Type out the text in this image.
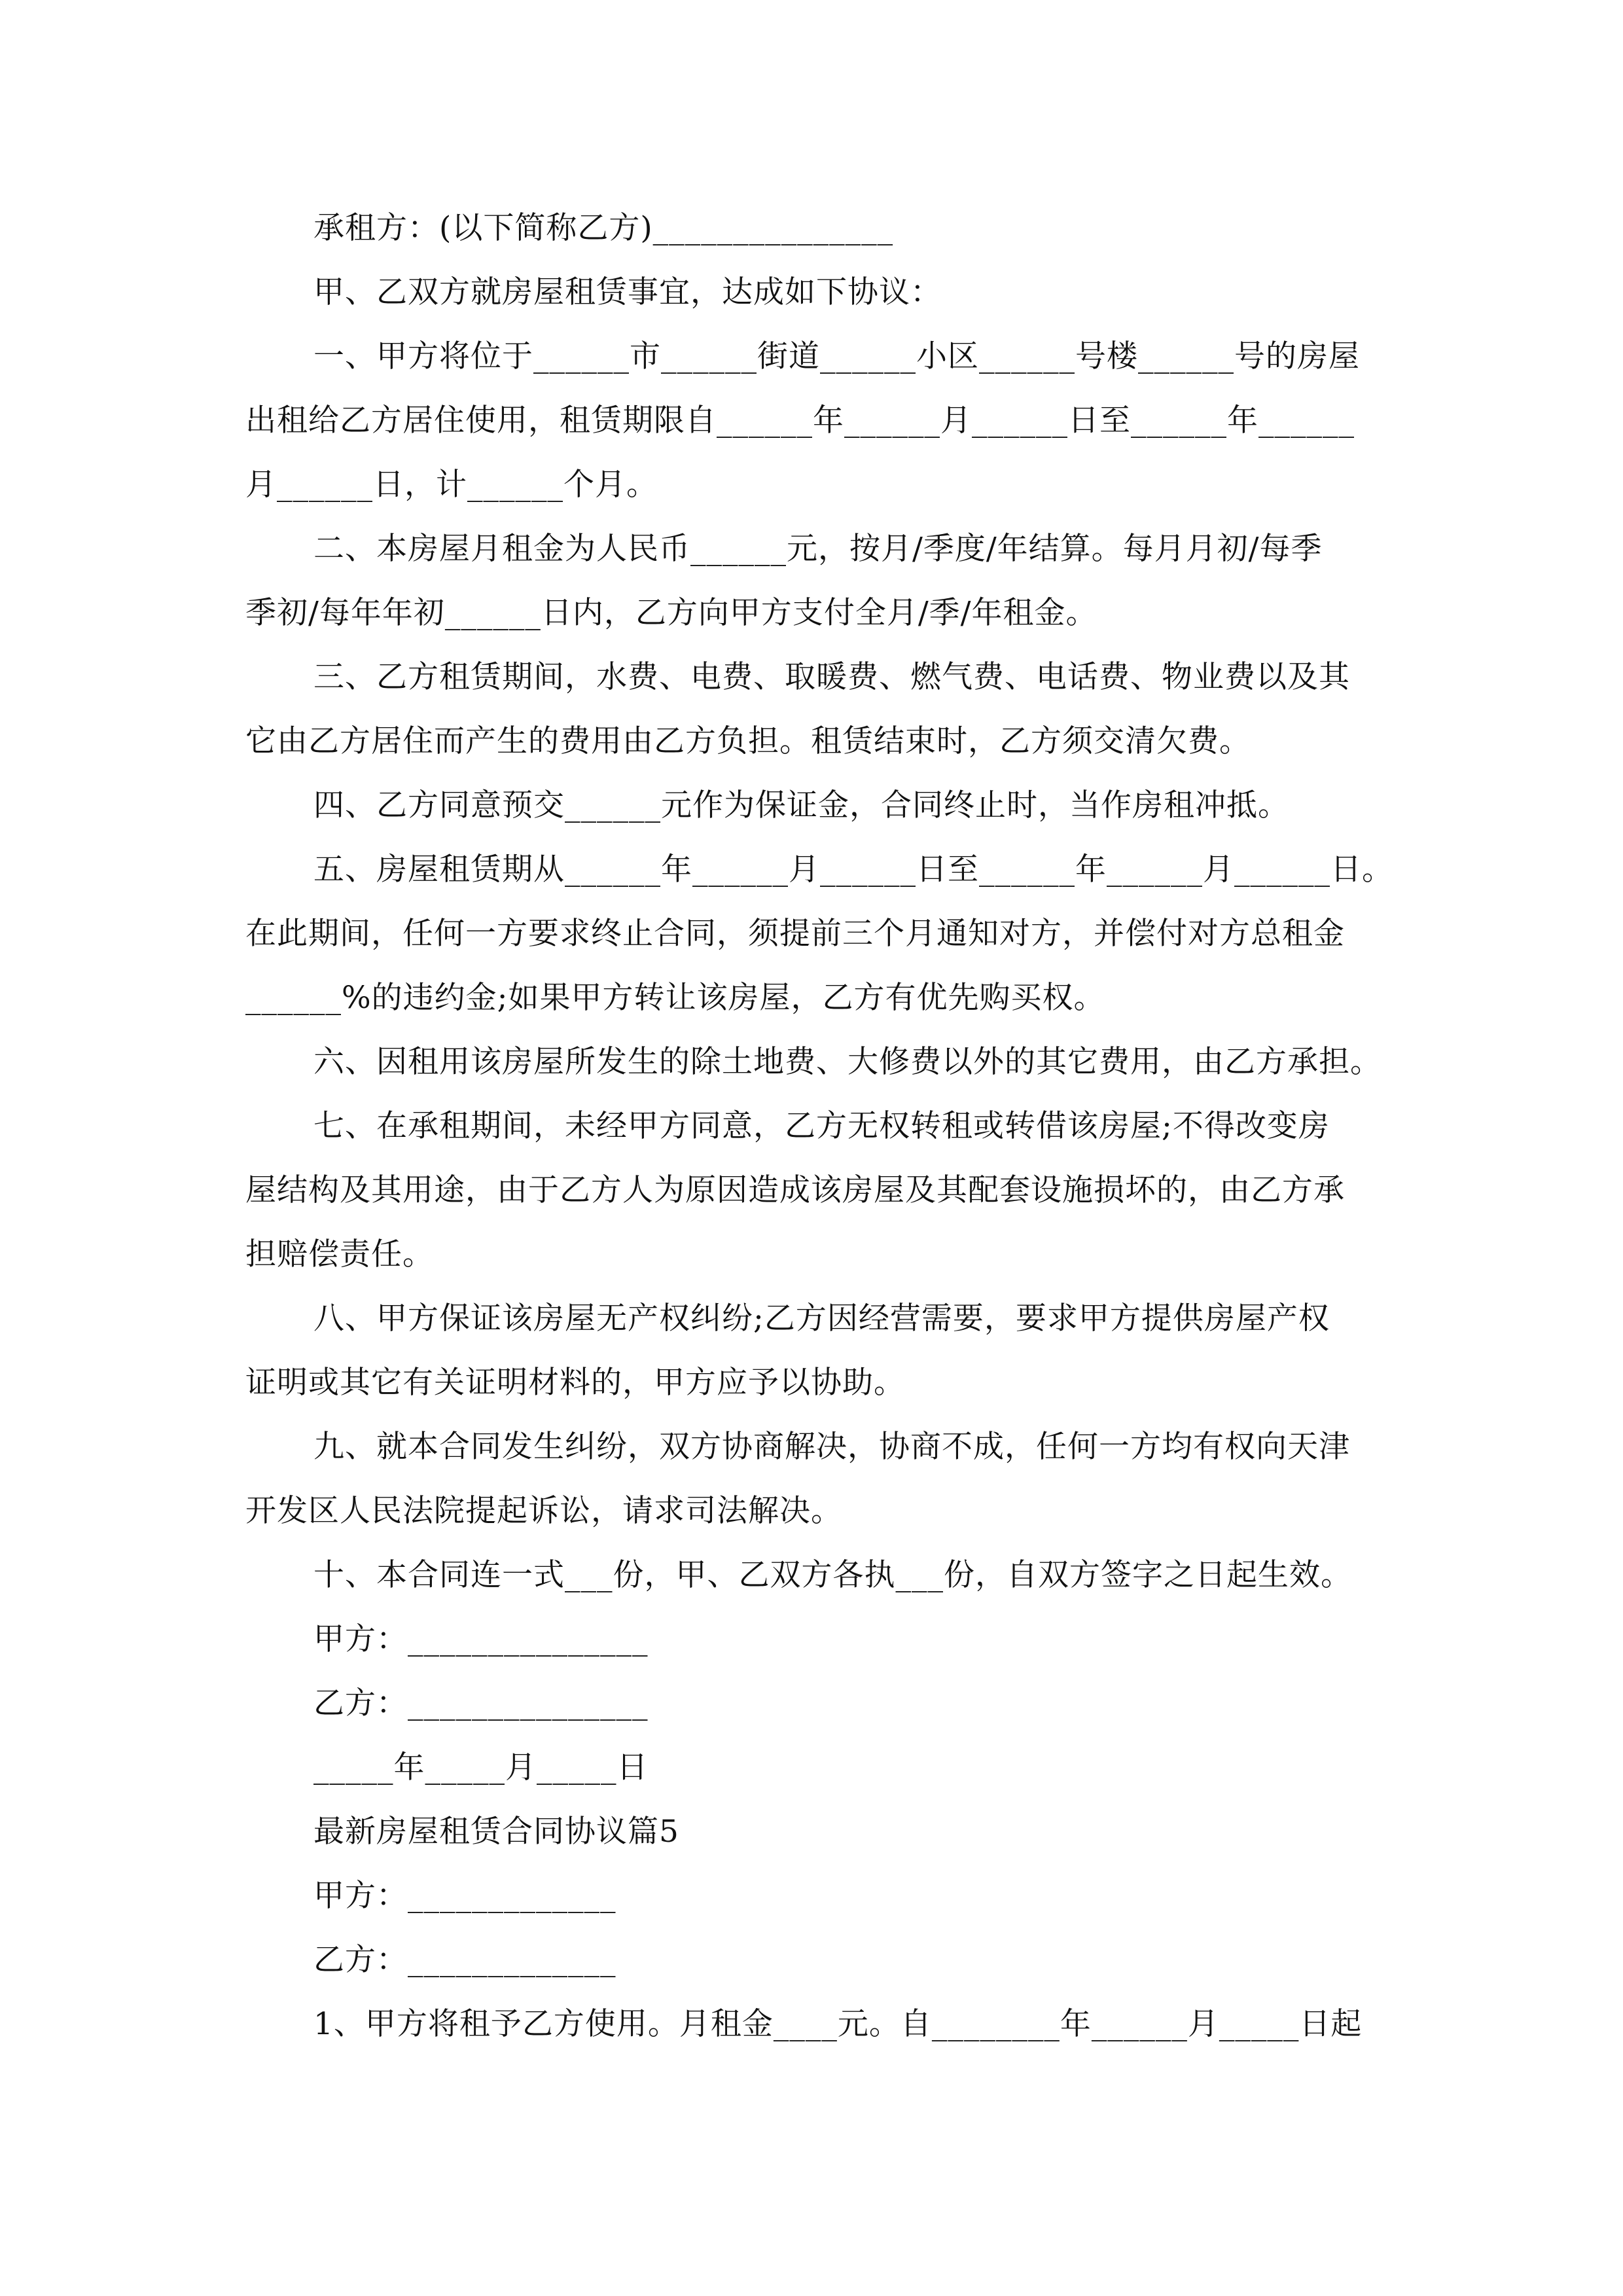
承租方：(以下简称乙方)_______________

甲、乙双方就房屋租赁事宜，达成如下协议：

一、甲方将位于______市______街道______小区______号楼______号的房屋

出租给乙方居住使用，租赁期限自______年______月______日至______年______

月______日，计______个月。

二、本房屋月租金为人民币______元，按月/季度/年结算。每月月初/每季

季初/每年年初______日内，乙方向甲方支付全月/季/年租金。

三、乙方租赁期间，水费、电费、取暖费、燃气费、电话费、物业费以及其

它由乙方居住而产生的费用由乙方负担。租赁结束时，乙方须交清欠费。

四、乙方同意预交______元作为保证金，合同终止时，当作房租冲抵。

五、房屋租赁期从______年______月______日至______年______月______日。

在此期间，任何一方要求终止合同，须提前三个月通知对方，并偿付对方总租金

______%的违约金;如果甲方转让该房屋，乙方有优先购买权。

六、因租用该房屋所发生的除土地费、大修费以外的其它费用，由乙方承担。

七、在承租期间，未经甲方同意，乙方无权转租或转借该房屋;不得改变房

屋结构及其用途，由于乙方人为原因造成该房屋及其配套设施损坏的，由乙方承

担赔偿责任。

八、甲方保证该房屋无产权纠纷;乙方因经营需要，要求甲方提供房屋产权

证明或其它有关证明材料的，甲方应予以协助。

九、就本合同发生纠纷，双方协商解决，协商不成，任何一方均有权向天津

开发区人民法院提起诉讼，请求司法解决。

十、本合同连一式___份，甲、乙双方各执___份，自双方签字之日起生效。

甲方：_______________

乙方：_______________

_____年_____月_____日

最新房屋租赁合同协议篇5

甲方：_____________

乙方：_____________

1、甲方将租予乙方使用。月租金____元。自________年______月_____日起
